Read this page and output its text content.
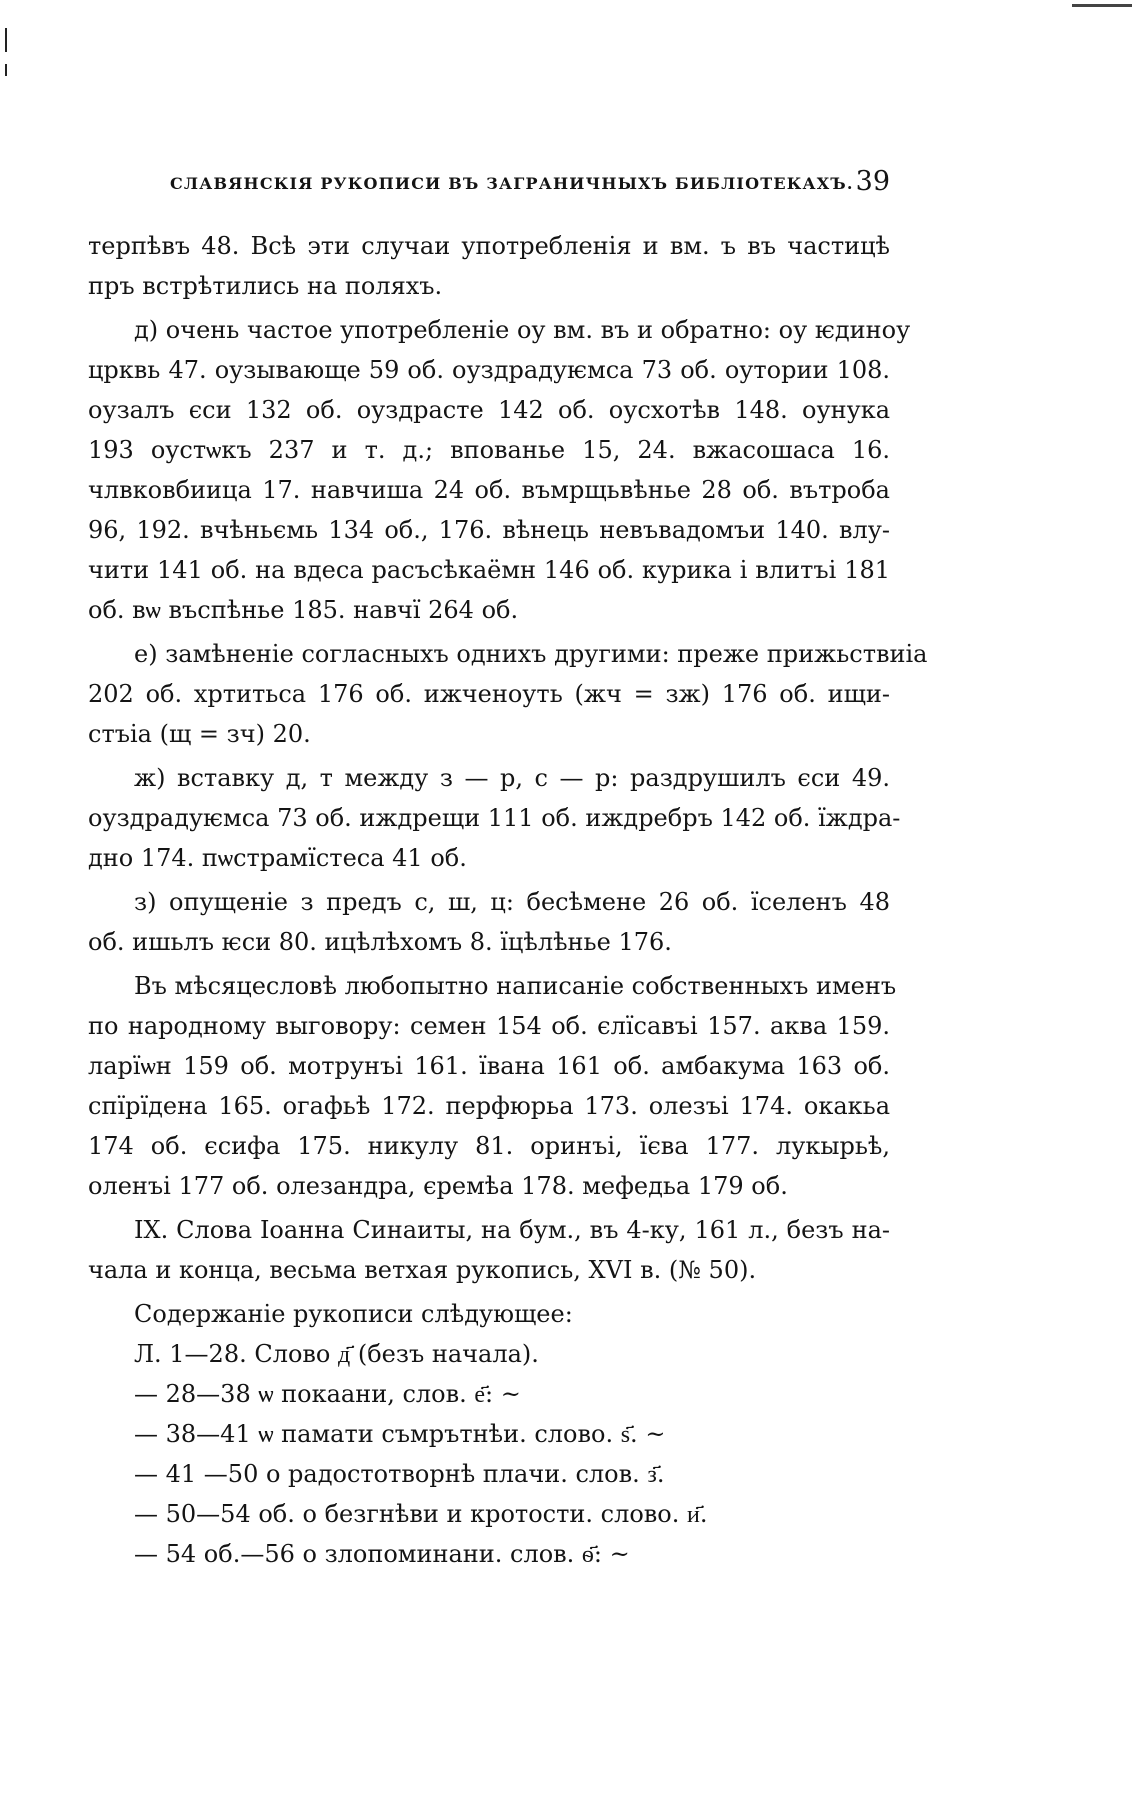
СЛАВЯНСКІЯ РУКОПИСИ ВЪ ЗАГРАНИЧНЫХЪ БИБЛІОТЕКАХЪ. 39
терпѣвъ 48. Всѣ эти случаи употребленія и вм. ъ въ частицѣ
пръ встрѣтились на поляхъ.
д) очень частое употребленіе оу вм. въ и обратно: оу ѥдиноу
црквь 47. оузывающе 59 об. оуздрадуѥмса 73 об. оутории 108.
оузалъ єси 132 об. оуздрасте 142 об. оусхотѣв 148. оунука
193 оустѡкъ 237 и т. д.; впованье 15, 24. вжасошаса 16.
члвковбиица 17. навчиша 24 об. въмрщьвѣнье 28 об. вътроба
96, 192. вчѣньємь 134 об., 176. вѣнець невъвадомъи 140. влу-
чити 141 об. на вдеса расъсѣкаёмн 146 об. курика і влитъі 181
об. вѡ въспѣнье 185. навчї 264 об.
е) замѣненіе согласныхъ одниxъ другими: преже прижьствиіа
202 об. хртитьса 176 об. ижченоуть (жч = зж) 176 об. ищи-
стъіа (щ = зч) 20.
ж) вставку д, т между з — р, с — р: раздрушилъ єси 49.
оуздрадуѥмса 73 об. иждрещи 111 об. иждребръ 142 об. їждра-
дно 174. пѡстрамїстеса 41 об.
з) опущеніе з предъ с, ш, ц: бесѣмене 26 об. їселенъ 48
об. ишьлъ ѥси 80. ицѣлѣхомъ 8. їцѣлѣнье 176.
Въ мѣсяцесловѣ любопытно написаніе собственныхъ именъ
по народному выговору: семен 154 об. єлїсавъі 157. аква 159.
ларїѡн 159 об. мотрунъі 161. ївана 161 об. амбакума 163 об.
спїрїдена 165. огафьѣ 172. перфюрьа 173. олезъі 174. окакьа
174 об. єсифа 175. никулу 81. оринъі, їєва 177. лукырьѣ,
оленъі 177 об. олезандра, єремѣа 178. мефедьа 179 об.
IX. Слова Іоанна Синаиты, на бум., въ 4-ку, 161 л., безъ на-
чала и конца, весьма ветхая рукопись, XVI в. (№ 50).
Содержаніе рукописи слѣдующее:
Л. 1—28. Слово д҃ (безъ начала).
— 28—38 ѡ покаани, слов. е҃: ~
— 38—41 ѡ памати съмрътнѣи. слово. ѕ҃. ~
— 41 —50 о радостотворнѣ плачи. слов. з҃.
— 50—54 об. о безгнѣви и кротости. слово. и҃.
— 54 об.—56 о злопоминани. слов. ѳ҃: ~
